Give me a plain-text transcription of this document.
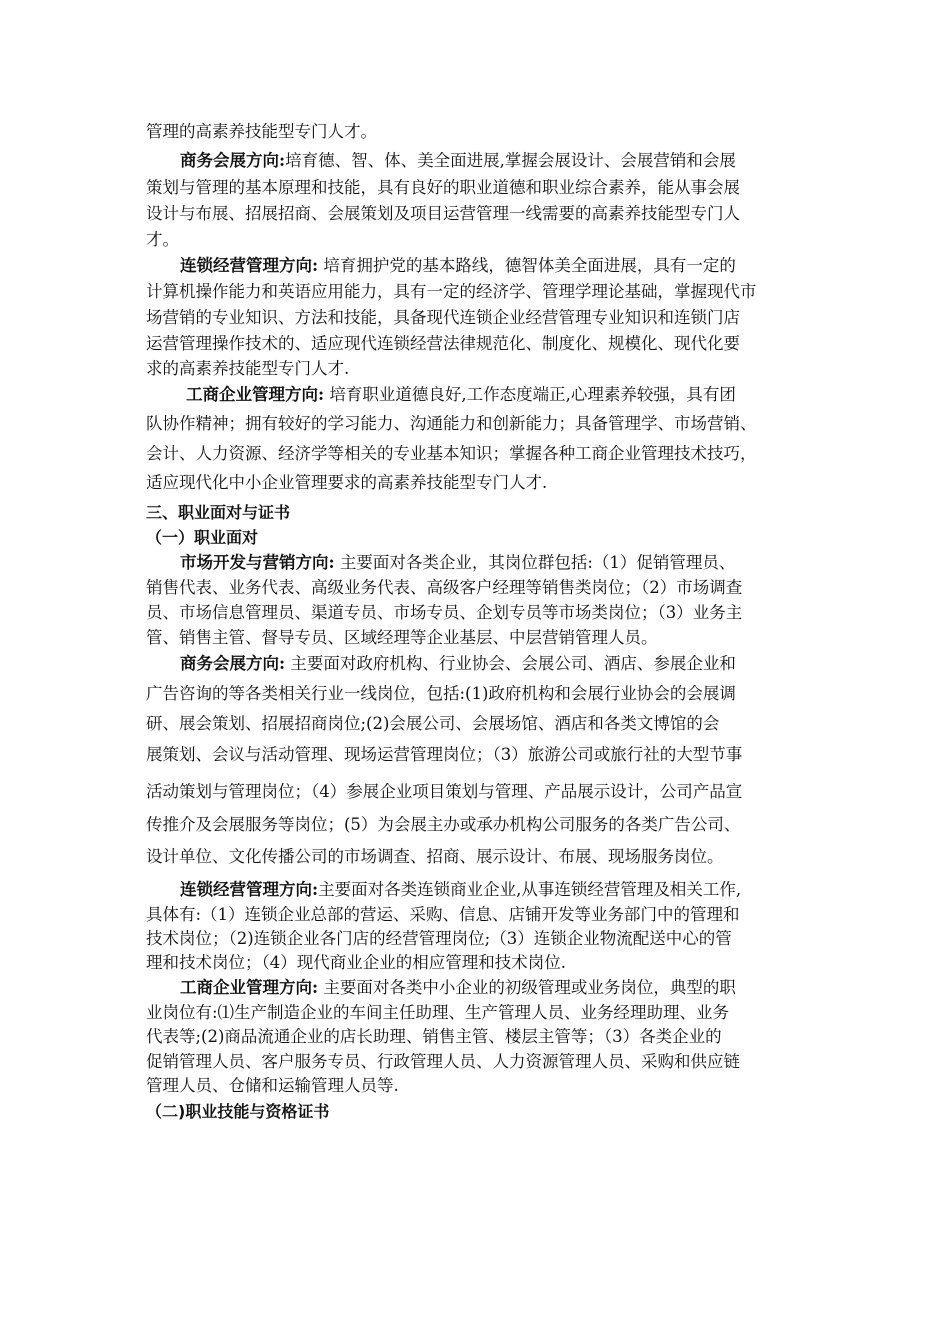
管理的高素养技能型专门人才。
商务会展方向:培育德、智、体、美全面进展,掌握会展设计、会展营销和会展
策划与管理的基本原理和技能，具有良好的职业道德和职业综合素养，能从事会展
设计与布展、招展招商、会展策划及项目运营管理一线需要的高素养技能型专门人
才。
连锁经营管理方向: 培育拥护党的基本路线，德智体美全面进展，具有一定的
计算机操作能力和英语应用能力，具有一定的经济学、管理学理论基础，掌握现代市
场营销的专业知识、方法和技能，具备现代连锁企业经营管理专业知识和连锁门店
运营管理操作技术的、适应现代连锁经营法律规范化、制度化、规模化、现代化要
求的高素养技能型专门人才.
工商企业管理方向: 培育职业道德良好,工作态度端正,心理素养较强，具有团
队协作精神；拥有较好的学习能力、沟通能力和创新能力；具备管理学、市场营销、
会计、人力资源、经济学等相关的专业基本知识；掌握各种工商企业管理技术技巧，
适应现代化中小企业管理要求的高素养技能型专门人才.
三、职业面对与证书
（一）职业面对
市场开发与营销方向: 主要面对各类企业，其岗位群包括:（1）促销管理员、
销售代表、业务代表、高级业务代表、高级客户经理等销售类岗位；（2）市场调查
员、市场信息管理员、渠道专员、市场专员、企划专员等市场类岗位；（3）业务主
管、销售主管、督导专员、区域经理等企业基层、中层营销管理人员。
商务会展方向: 主要面对政府机构、行业协会、会展公司、酒店、参展企业和
广告咨询的等各类相关行业一线岗位，包括:(1)政府机构和会展行业协会的会展调
研、展会策划、招展招商岗位;(2)会展公司、会展场馆、酒店和各类文博馆的会
展策划、会议与活动管理、现场运营管理岗位；（3）旅游公司或旅行社的大型节事
活动策划与管理岗位；（4）参展企业项目策划与管理、产品展示设计，公司产品宣
传推介及会展服务等岗位；(5）为会展主办或承办机构公司服务的各类广告公司、
设计单位、文化传播公司的市场调查、招商、展示设计、布展、现场服务岗位。
连锁经营管理方向:主要面对各类连锁商业企业,从事连锁经营管理及相关工作,
具体有:（1）连锁企业总部的营运、采购、信息、店铺开发等业务部门中的管理和
技术岗位；（2)连锁企业各门店的经营管理岗位;（3）连锁企业物流配送中心的管
理和技术岗位；（4）现代商业企业的相应管理和技术岗位.
工商企业管理方向: 主要面对各类中小企业的初级管理或业务岗位，典型的职
业岗位有:⑴生产制造企业的车间主任助理、生产管理人员、业务经理助理、业务
代表等;(2)商品流通企业的店长助理、销售主管、楼层主管等；（3）各类企业的
促销管理人员、客户服务专员、行政管理人员、人力资源管理人员、采购和供应链
管理人员、仓储和运输管理人员等.
（二)职业技能与资格证书
